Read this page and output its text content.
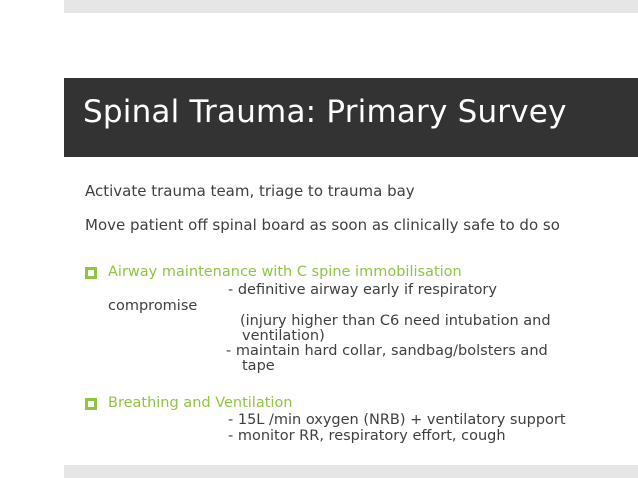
Spinal Trauma: Primary Survey

Activate trauma team, triage to trauma bay

Move patient off spinal board as soon as clinically safe to do so

Airway maintenance with C spine immobilisation

- definitive airway early if respiratory

compromise

(injury higher than C6 need intubation and

ventilation)

- maintain hard collar, sandbag/bolsters and

tape

Breathing and Ventilation

- 15L /min oxygen (NRB) + ventilatory support

- monitor RR, respiratory effort, cough
